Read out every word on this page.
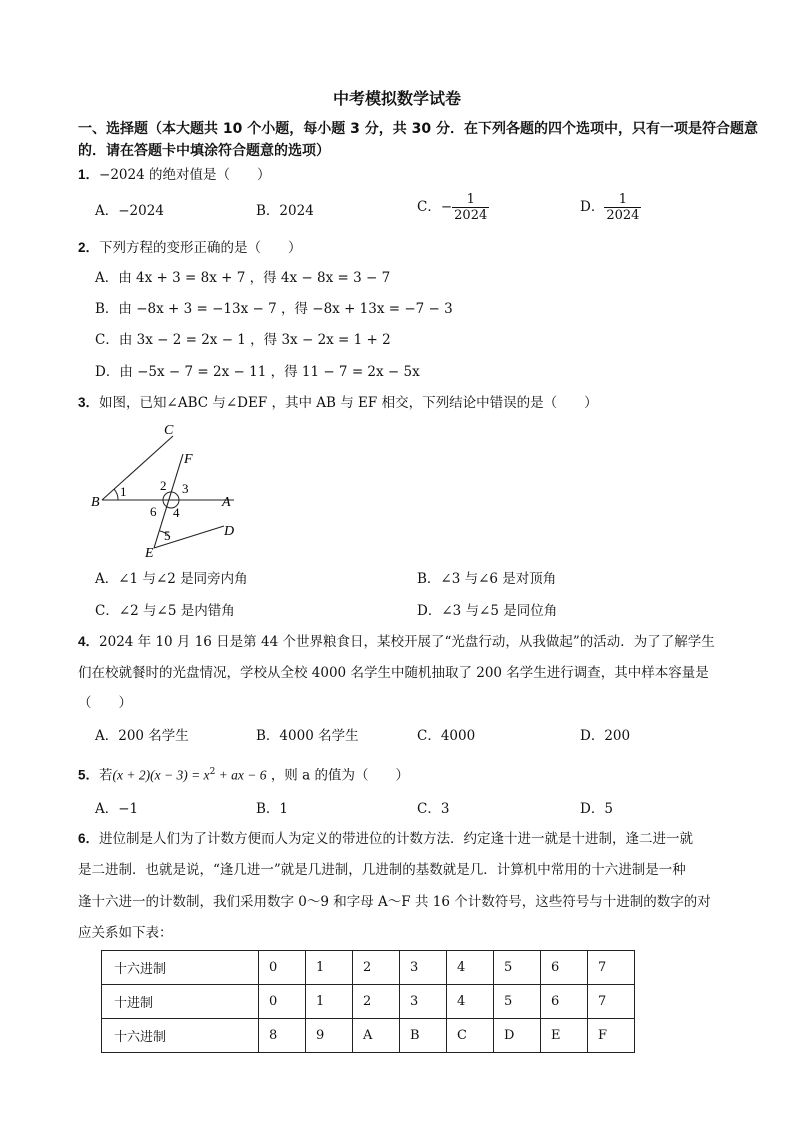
中考模拟数学试卷
一、选择题（本大题共 10 个小题，每小题 3 分，共 30 分．在下列各题的四个选项中，只有一项是符合题意的．请在答题卡中填涂符合题意的选项）
1．−2024 的绝对值是（　　）
A．−2024	B．2024	C．− $\frac{1}{2024}$	D． $\frac{1}{2024}$
2．下列方程的变形正确的是（　　）
A．由 4x + 3 = 8x + 7 ，得 4x − 8x = 3 − 7
B．由 −8x + 3 = −13x − 7 ，得 −8x + 13x = −7 − 3
C．由 3x − 2 = 2x − 1 ，得 3x − 2x = 1 + 2
D．由 −5x − 7 = 2x − 11 ，得 11 − 7 = 2x − 5x
3．如图，已知∠ABC 与∠DEF ，其中 AB 与 EF 相交，下列结论中错误的是（　　）
C
F
B	A
D
E
1	2 3
4
5
6
A．∠1 与∠2 是同旁内角	B．∠3 与∠6 是对顶角
C．∠2 与∠5 是内错角	D．∠3 与∠5 是同位角
4．2024 年 10 月 16 日是第 44 个世界粮食日，某校开展了“光盘行动，从我做起”的活动．为了了解学生
们在校就餐时的光盘情况，学校从全校 4000 名学生中随机抽取了 200 名学生进行调查，其中样本容量是
（　　）
A．200 名学生	B．4000 名学生	C．4000	D．200
5．若$(x + 2)(x - 3) = x^2$ + ax − 6 ，则 a 的值为（　　）
A．−1	B．1	C．3	D．5
6．进位制是人们为了计数方便而人为定义的带进位的计数方法．约定逢十进一就是十进制，逢二进一就
是二进制．也就是说，“逢几进一”就是几进制，几进制的基数就是几．计算机中常用的十六进制是一种
逢十六进一的计数制，我们采用数字 0～9 和字母 A～F 共 16 个计数符号，这些符号与十进制的数字的对
应关系如下表：
十六进制	0	1	2	3	4	5	6	7
十进制	0	1	2	3	4	5	6	7
十六进制	8	9	A	B	C	D	E	F
